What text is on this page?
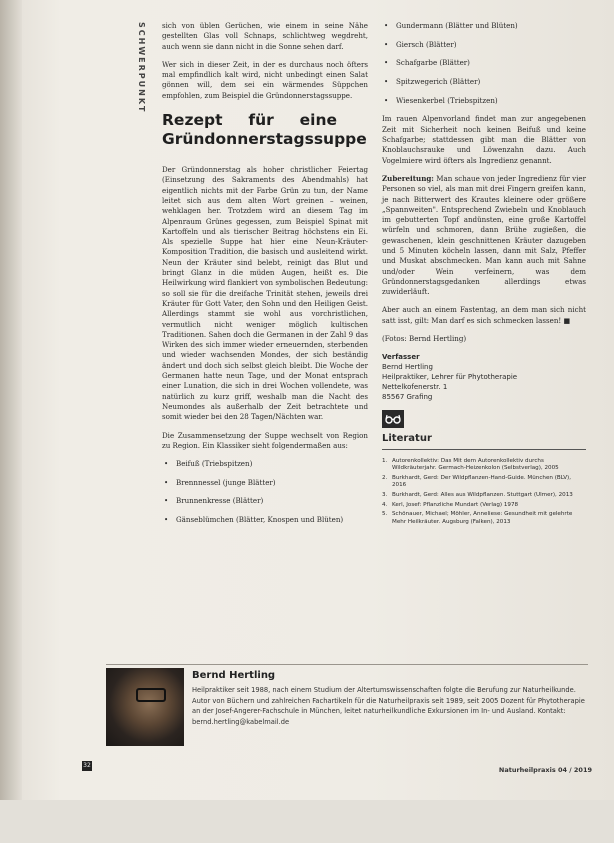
SCHWERPUNKT sich von üblen Gerüchen, wie einem in seine Nähe gestellten Glas voll Schnaps, schlichtweg wegdreht, auch wenn sie dann nicht in die Sonne sehen darf.

Wer sich in dieser Zeit, in der es durchaus noch öfters mal empfindlich kalt wird, nicht unbedingt einen Salat gönnen will, dem sei ein wärmendes Süppchen empfohlen, zum Beispiel die Gründonnerstagssuppe.

Rezept für eine Gründonnerstagssuppe

Der Gründonnerstag als hoher christlicher Feiertag (Einsetzung des Sakraments des Abendmahls) hat eigentlich nichts mit der Farbe Grün zu tun, der Name leitet sich aus dem alten Wort greinen – weinen, wehklagen her. Trotzdem wird an diesem Tag im Alpenraum Grünes gegessen, zum Beispiel Spinat mit Kartoffeln und als tierischer Beitrag höchstens ein Ei. Als spezielle Suppe hat hier eine Neun-Kräuter-Komposition Tradition, die basisch und ausleitend wirkt. Neun der Kräuter sind belebt, reinigt das Blut und bringt Glanz in die müden Augen, heißt es. Die Heilwirkung wird flankiert von symbolischen Bedeutung: so soll sie für die dreifache Trinität stehen, jeweils drei Kräuter für Gott Vater, den Sohn und den Heiligen Geist. Allerdings stammt sie wohl aus vorchristlichen, vermutlich nicht weniger möglich kultischen Traditionen. Sahen doch die Germanen in der Zahl 9 das Wirken des sich immer wieder erneuernden, sterbenden und wieder wachsenden Mondes, der sich beständig ändert und doch sich selbst gleich bleibt. Die Woche der Germanen hatte neun Tage, und der Monat entsprach einer Lunation, die sich in drei Wochen vollendete, was natürlich zu kurz griff, weshalb man die Nacht des Neumondes als außerhalb der Zeit betrachtete und somit wieder bei den 28 Tagen/Nächten war.

Die Zusammensetzung der Suppe wechselt von Region zu Region. Ein Klassiker sieht folgendermaßen aus:

• Beifuß (Triebspitzen)
• Brennnessel (junge Blätter)
• Brunnenkresse (Blätter)
• Gänseblümchen (Blätter, Knospen und Blüten)
• Gundermann (Blätter und Blüten)
• Giersch (Blätter)
• Schafgarbe (Blätter)
• Spitzwegerich (Blätter)
• Wiesenkerbel (Triebspitzen)

Im rauen Alpenvorland findet man zur angegebenen Zeit mit Sicherheit noch keinen Beifuß und keine Schafgarbe; stattdessen gibt man die Blätter von Knoblauchsrauke und Löwenzahn dazu. Auch Vogelmiere wird öfters als Ingredienz genannt.

Zubereitung: Man schaue von jeder Ingredienz für vier Personen so viel, als man mit drei Fingern greifen kann, je nach Bitterwert des Krautes kleinere oder größere „Spannweiten". Entsprechend Zwiebeln und Knoblauch im gebutterten Topf andünsten, eine große Kartoffel würfeln und schmoren, dann Brühe zugießen, die gewaschenen, klein geschnittenen Kräuter dazugeben und 5 Minuten köcheln lassen, dann mit Salz, Pfeffer und Muskat abschmecken. Man kann auch mit Sahne und/oder Wein verfeinern, was dem Gründonnerstagsgedanken allerdings etwas zuwiderläuft.

Aber auch an einem Fastentag, an dem man sich nicht satt isst, gilt: Man darf es sich schmecken lassen! ■

(Fotos: Bernd Hertling)

Verfasser
Bernd Hertling
Heilpraktiker, Lehrer für Phytotherapie
Nettelkofenerstr. 1
85567 Grafing
Literatur
1. Autorenkollektiv: Das Mit dem Autorenkollektiv durchs Wildkräuterjahr. Germach-Heizenkolon (Selbstverlag), 2005
2. Burkhardt, Gerd: Der Wildpflanzen-Hand-Guide. München (BLV), 2016
3. Burkhardt, Gerd: Alles aus Wildpflanzen. Stuttgart (Ulmer), 2013
4. Kerl, Josef: Pflanzliche Mundart (Verlag) 1978
5. Schönauer, Michael; Möhler, Anneliese: Gesundheit mit gelehrte Mehr Heilkräuter. Augsburg (Falken), 2013
Bernd Hertling
Heilpraktiker seit 1988, nach einem Studium der Altertumswissenschaften folgte die Berufung zur Naturheilkunde. Autor von Büchern und zahlreichen Fachartikeln für die Naturheilpraxis seit 1989, seit 2005 Dozent für Phytotherapie an der Josef-Angerer-Fachschule in München, leitet naturheilkundliche Exkursionen im In- und Ausland. Kontakt: bernd.hertling@kabelmail.de
32
Naturheilpraxis 04 / 2019
